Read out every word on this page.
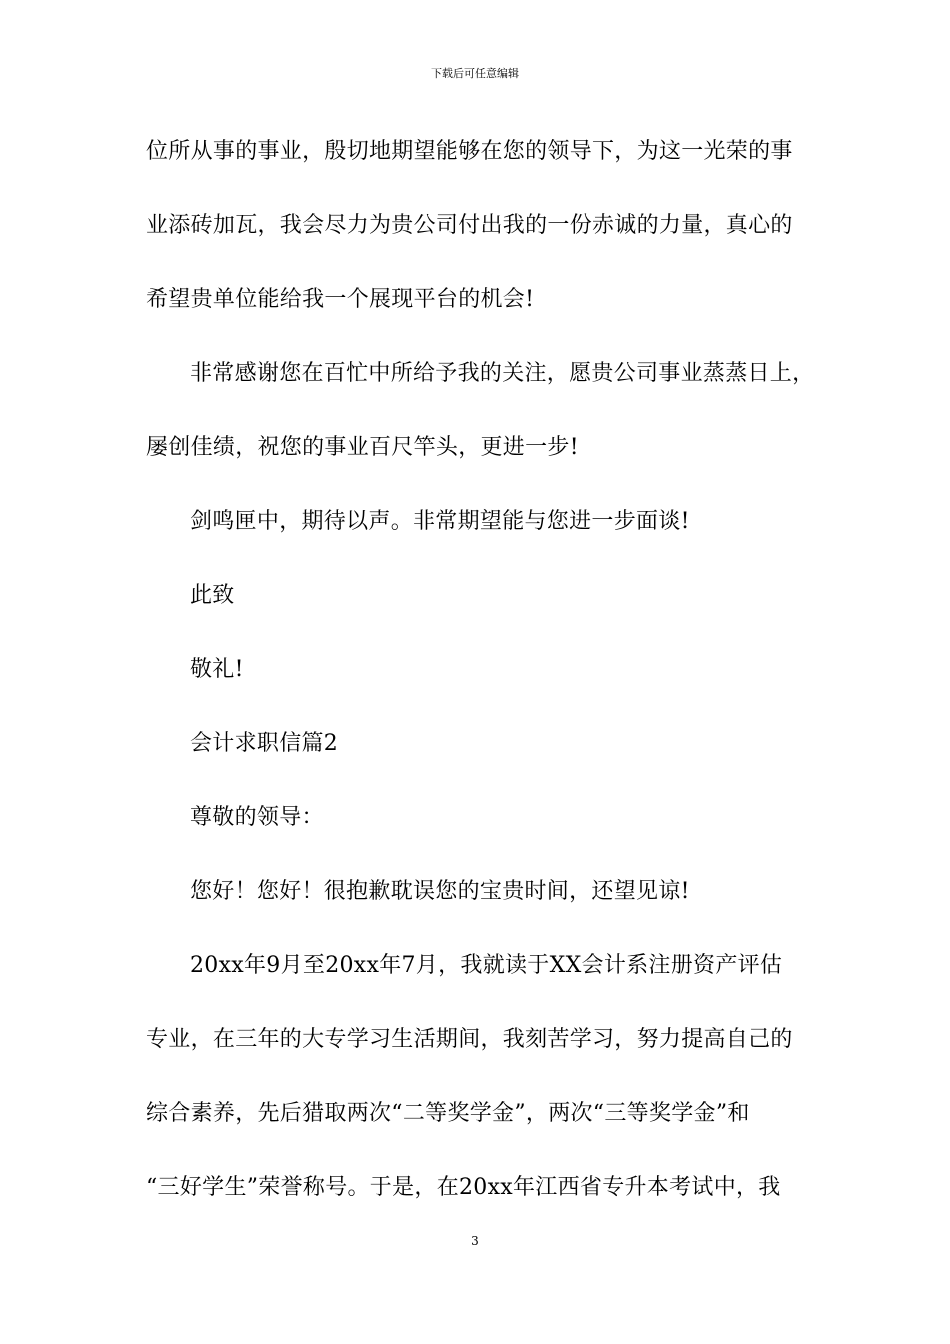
下载后可任意编辑
位所从事的事业，殷切地期望能够在您的领导下，为这一光荣的事
业添砖加瓦，我会尽力为贵公司付出我的一份赤诚的力量，真心的
希望贵单位能给我一个展现平台的机会!
非常感谢您在百忙中所给予我的关注，愿贵公司事业蒸蒸日上，
屡创佳绩，祝您的事业百尺竿头，更进一步!
剑鸣匣中，期待以声。非常期望能与您进一步面谈!
此致
敬礼!
会计求职信篇2
尊敬的领导：
您好！您好！很抱歉耽误您的宝贵时间，还望见谅!
20xx年9月至20xx年7月，我就读于XX会计系注册资产评估
专业，在三年的大专学习生活期间，我刻苦学习，努力提高自己的
综合素养，先后猎取两次“二等奖学金”，两次“三等奖学金”和
“三好学生”荣誉称号。于是，在20xx年江西省专升本考试中，我
3
